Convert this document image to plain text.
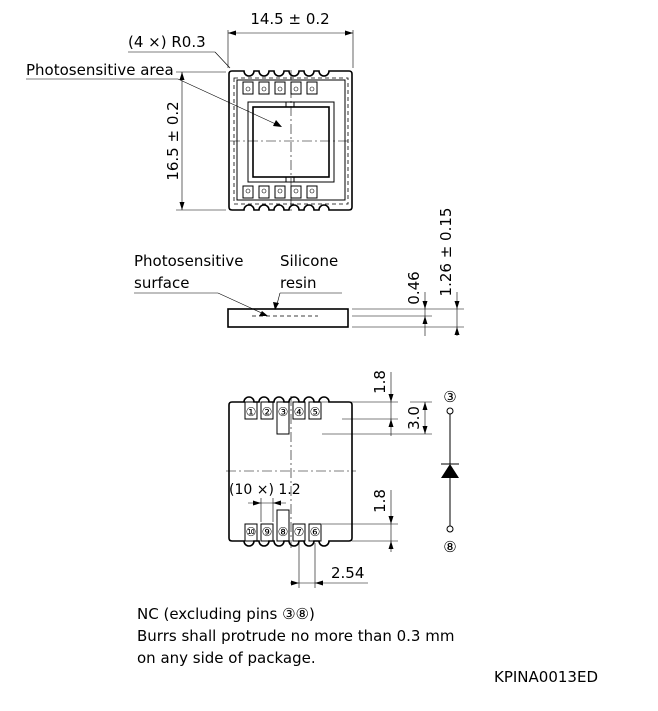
14.5 ± 0.2
(4 ×) R0.3
Photosensitive area
16.5 ± 0.2
Photosensitive
surface
Silicone
resin	0.46 1.26 ± 0.15
① ② ③ ④ ⑤
⑩ ⑨ ⑧ ⑦ ⑥
1.8
3.0
1.8
(10 ×) 1.2
2.54
③
⑧
NC (excluding pins ③⑧)
Burrs shall protrude no more than 0.3 mm
on any side of package.
KPINA0013ED
